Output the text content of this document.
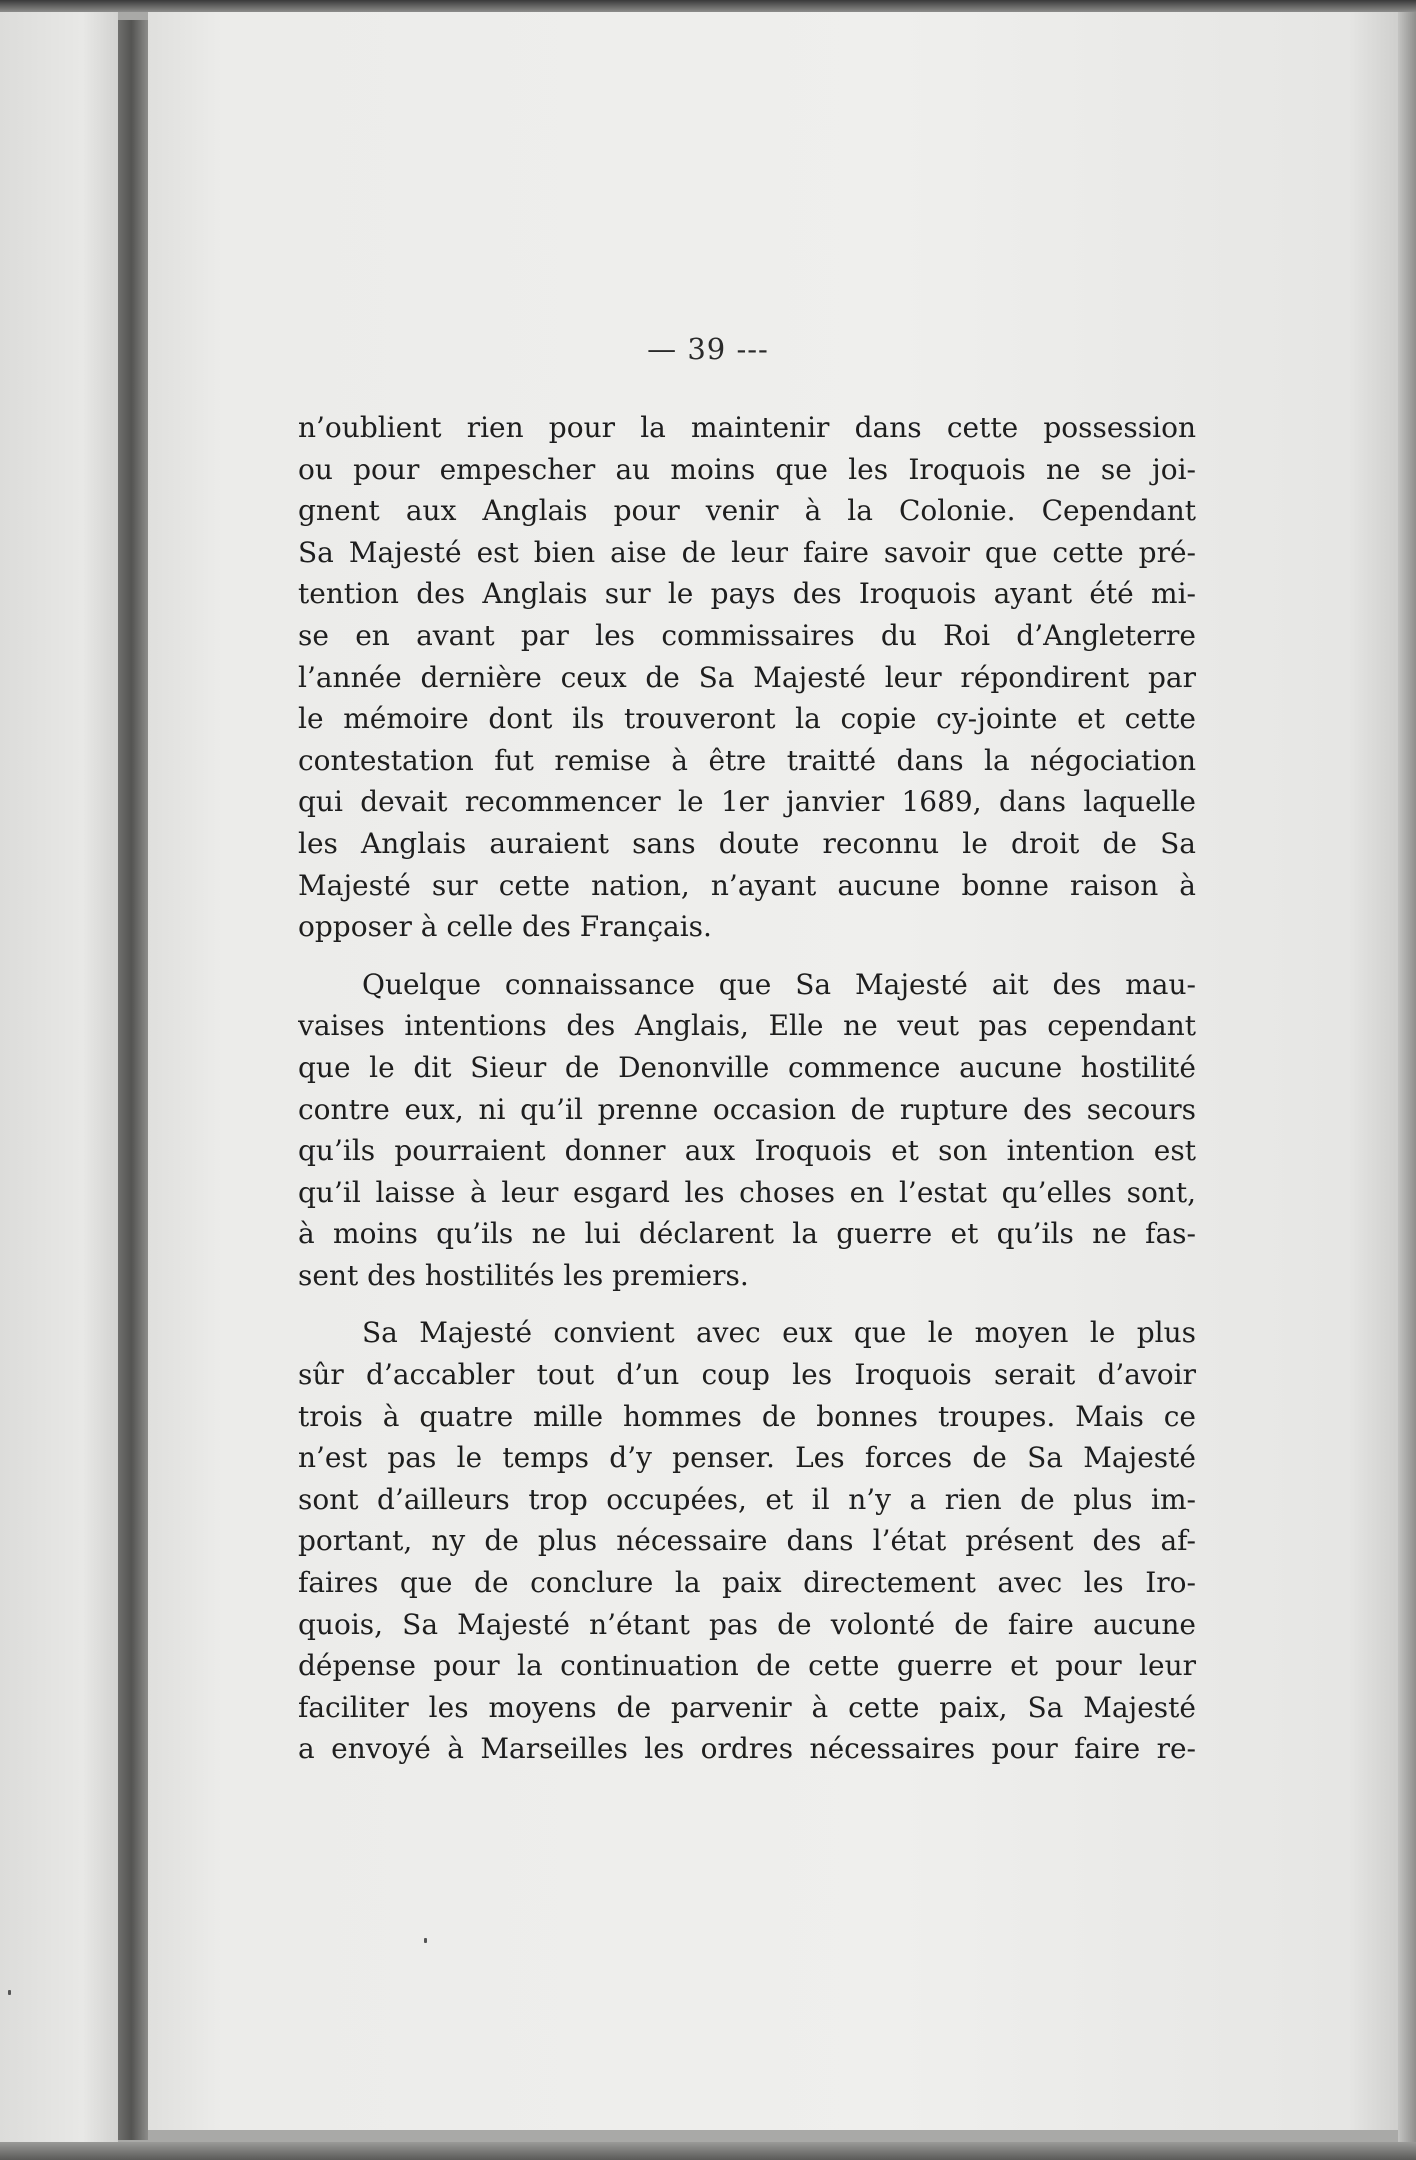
— 39 ---
n’oublient rien pour la maintenir dans cette possession
ou pour empescher au moins que les Iroquois ne se joi-
gnent aux Anglais pour venir à la Colonie. Cependant
Sa Majesté est bien aise de leur faire savoir que cette pré-
tention des Anglais sur le pays des Iroquois ayant été mi-
se en avant par les commissaires du Roi d’Angleterre
l’année dernière ceux de Sa Majesté leur répondirent par
le mémoire dont ils trouveront la copie cy-jointe et cette
contestation fut remise à être traitté dans la négociation
qui devait recommencer le 1er janvier 1689, dans laquelle
les Anglais auraient sans doute reconnu le droit de Sa
Majesté sur cette nation, n’ayant aucune bonne raison à
opposer à celle des Français.
Quelque connaissance que Sa Majesté ait des mau-
vaises intentions des Anglais, Elle ne veut pas cependant
que le dit Sieur de Denonville commence aucune hostilité
contre eux, ni qu’il prenne occasion de rupture des secours
qu’ils pourraient donner aux Iroquois et son intention est
qu’il laisse à leur esgard les choses en l’estat qu’elles sont,
à moins qu’ils ne lui déclarent la guerre et qu’ils ne fas-
sent des hostilités les premiers.
Sa Majesté convient avec eux que le moyen le plus
sûr d’accabler tout d’un coup les Iroquois serait d’avoir
trois à quatre mille hommes de bonnes troupes. Mais ce
n’est pas le temps d’y penser. Les forces de Sa Majesté
sont d’ailleurs trop occupées, et il n’y a rien de plus im-
portant, ny de plus nécessaire dans l’état présent des af-
faires que de conclure la paix directement avec les Iro-
quois, Sa Majesté n’étant pas de volonté de faire aucune
dépense pour la continuation de cette guerre et pour leur
faciliter les moyens de parvenir à cette paix, Sa Majesté
a envoyé à Marseilles les ordres nécessaires pour faire re-
